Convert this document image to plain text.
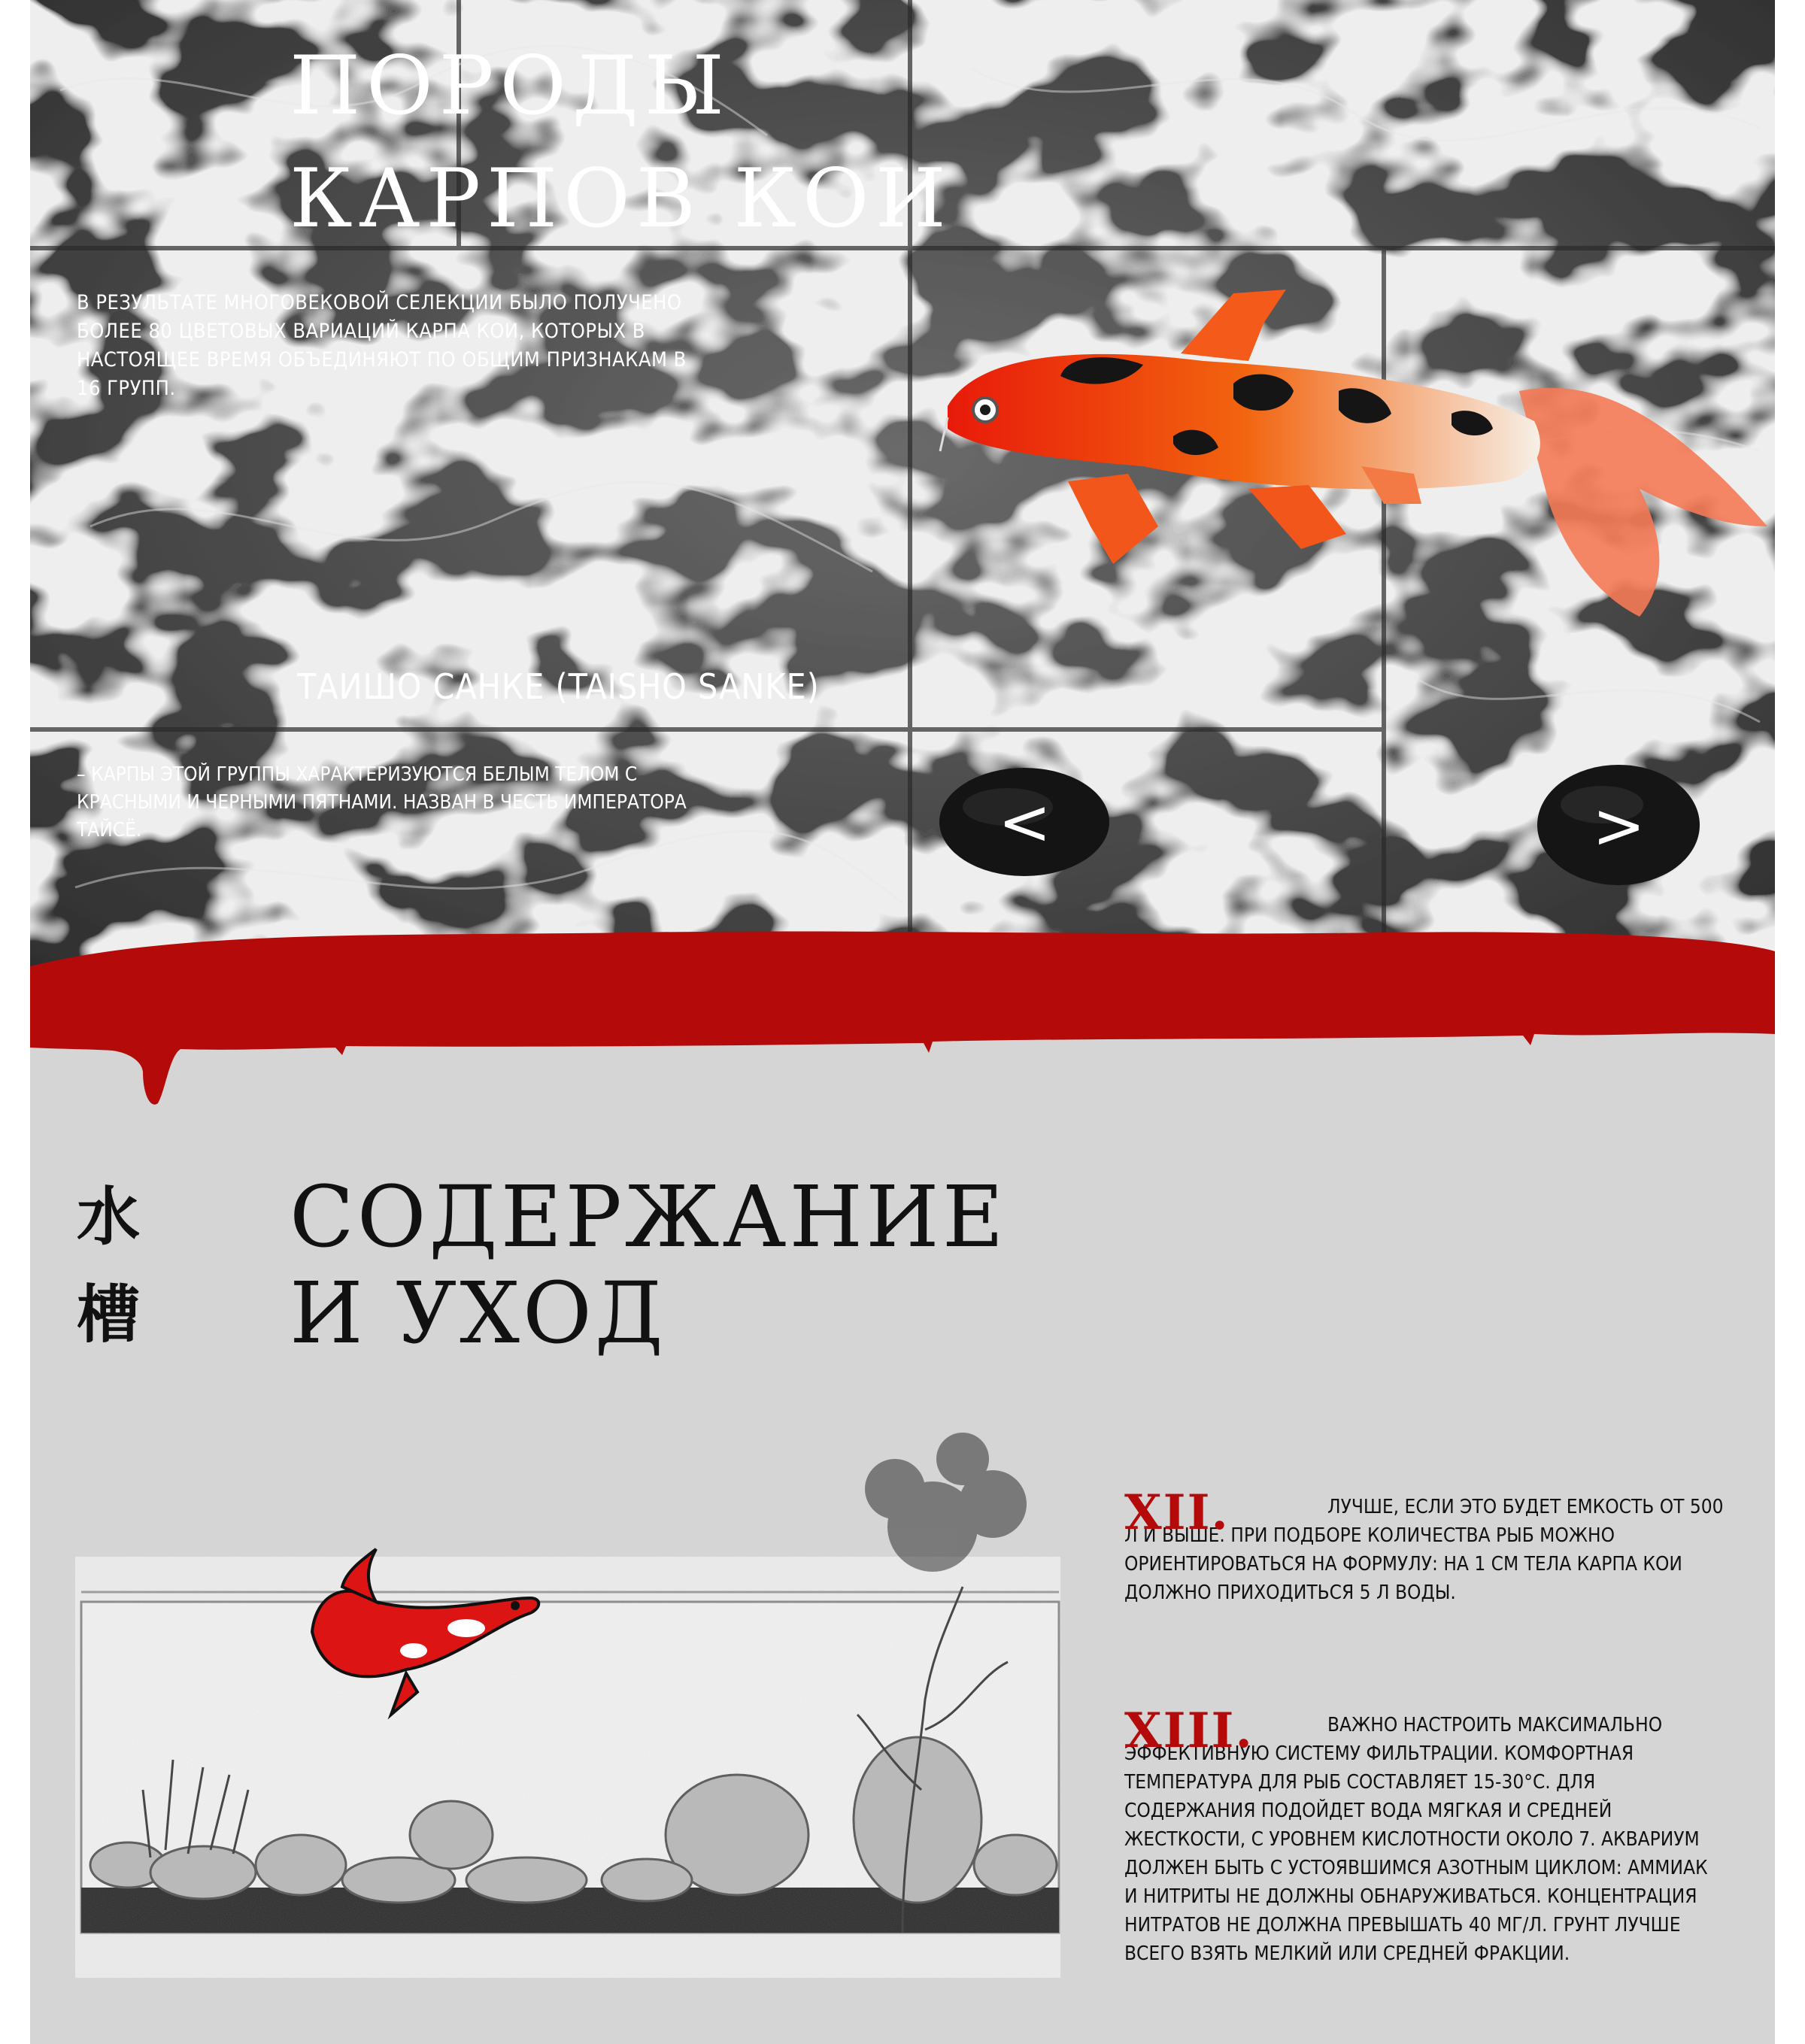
ПОРОДЫ
КАРПОВ КОИ

В РЕЗУЛЬТАТЕ МНОГОВЕКОВОЙ СЕЛЕКЦИИ БЫЛО ПОЛУЧЕНО БОЛЕЕ 80 ЦВЕТОВЫХ ВАРИАЦИЙ КАРПА КОИ, КОТОРЫХ В НАСТОЯЩЕЕ ВРЕМЯ ОБЪЕДИНЯЮТ ПО ОБЩИМ ПРИЗНАКАМ В 16 ГРУПП.

ТАИШО САНКЕ (TAISHO SANKE)

– КАРПЫ ЭТОЙ ГРУППЫ ХАРАКТЕРИЗУЮТСЯ БЕЛЫМ ТЕЛОМ С КРАСНЫМИ И ЧЕРНЫМИ ПЯТНАМИ. НАЗВАН В ЧЕСТЬ ИМПЕРАТОРА ТАЙСЁ.	<	>
水
槽
СОДЕРЖАНИЕ
И УХОД
XII.	ЛУЧШЕ, ЕСЛИ ЭТО БУДЕТ ЕМКОСТЬ ОТ 500 Л И ВЫШЕ. ПРИ ПОДБОРЕ КОЛИЧЕСТВА РЫБ МОЖНО ОРИЕНТИРОВАТЬСЯ НА ФОРМУЛУ: НА 1 СМ ТЕЛА КАРПА КОИ ДОЛЖНО ПРИХОДИТЬСЯ 5 Л ВОДЫ.

XIII.	ВАЖНО НАСТРОИТЬ МАКСИМАЛЬНО ЭФФЕКТИВНУЮ СИСТЕМУ ФИЛЬТРАЦИИ. КОМФОРТНАЯ ТЕМПЕРАТУРА ДЛЯ РЫБ СОСТАВЛЯЕТ 15-30°С. ДЛЯ СОДЕРЖАНИЯ ПОДОЙДЕТ ВОДА МЯГКАЯ И СРЕДНЕЙ ЖЕСТКОСТИ, С УРОВНЕМ КИСЛОТНОСТИ ОКОЛО 7. АКВАРИУМ ДОЛЖЕН БЫТЬ С УСТОЯВШИМСЯ АЗОТНЫМ ЦИКЛОМ: АММИАК И НИТРИТЫ НЕ ДОЛЖНЫ ОБНАРУЖИВАТЬСЯ. КОНЦЕНТРАЦИЯ НИТРАТОВ НЕ ДОЛЖНА ПРЕВЫШАТЬ 40 МГ/Л. ГРУНТ ЛУЧШЕ ВСЕГО ВЗЯТЬ МЕЛКИЙ ИЛИ СРЕДНЕЙ ФРАКЦИИ.
